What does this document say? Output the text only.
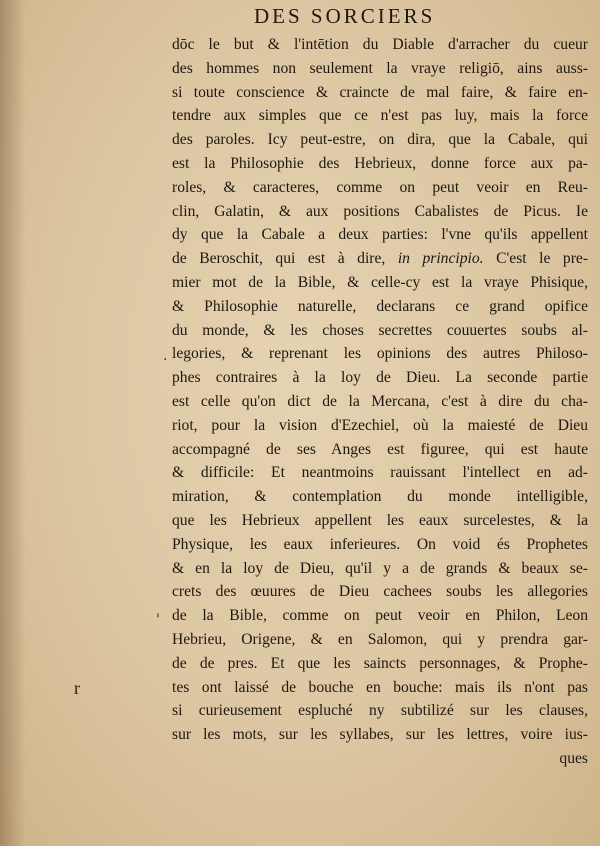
DES SORCIERS
dōc le but & l'intētion du Diable d'arracher du cueur
des hommes non seulement la vraye religiō, ains auss-
si toute conscience & craincte de mal faire, & faire en-
tendre aux simples que ce n'est pas luy, mais la force
des paroles. Icy peut-estre, on dira, que la Cabale, qui
est la Philosophie des Hebrieux, donne force aux pa-
roles, & caracteres, comme on peut veoir en Reu-
clin, Galatin, & aux positions Cabalistes de Picus. Ie
dy que la Cabale a deux parties: l'vne qu'ils appellent
de Beroschit, qui est à dire, in principio. C'est le pre-
mier mot de la Bible, & celle-cy est la vraye Phisique,
& Philosophie naturelle, declarans ce grand opifice
du monde, & les choses secrettes couuertes soubs al-
legories, & reprenant les opinions des autres Philoso-
phes contraires à la loy de Dieu. La seconde partie
est celle qu'on dict de la Mercana, c'est à dire du cha-
riot, pour la vision d'Ezechiel, où la maiesté de Dieu
accompagné de ses Anges est figuree, qui est haute
& difficile: Et neantmoins rauissant l'intellect en ad-
miration, & contemplation du monde intelligible,
que les Hebrieux appellent les eaux surcelestes, & la
Physique, les eaux inferieures. On void és Prophetes
& en la loy de Dieu, qu'il y a de grands & beaux se-
crets des œuures de Dieu cachees soubs les allegories
de la Bible, comme on peut veoir en Philon, Leon
Hebrieu, Origene, & en Salomon, qui y prendra gar-
de de pres. Et que les saincts personnages, & Prophe-
tes ont laissé de bouche en bouche: mais ils n'ont pas
si curieusement espluché ny subtilizé sur les clauses,
sur les mots, sur les syllabes, sur les lettres, voire ius-
ques
.
'
r
